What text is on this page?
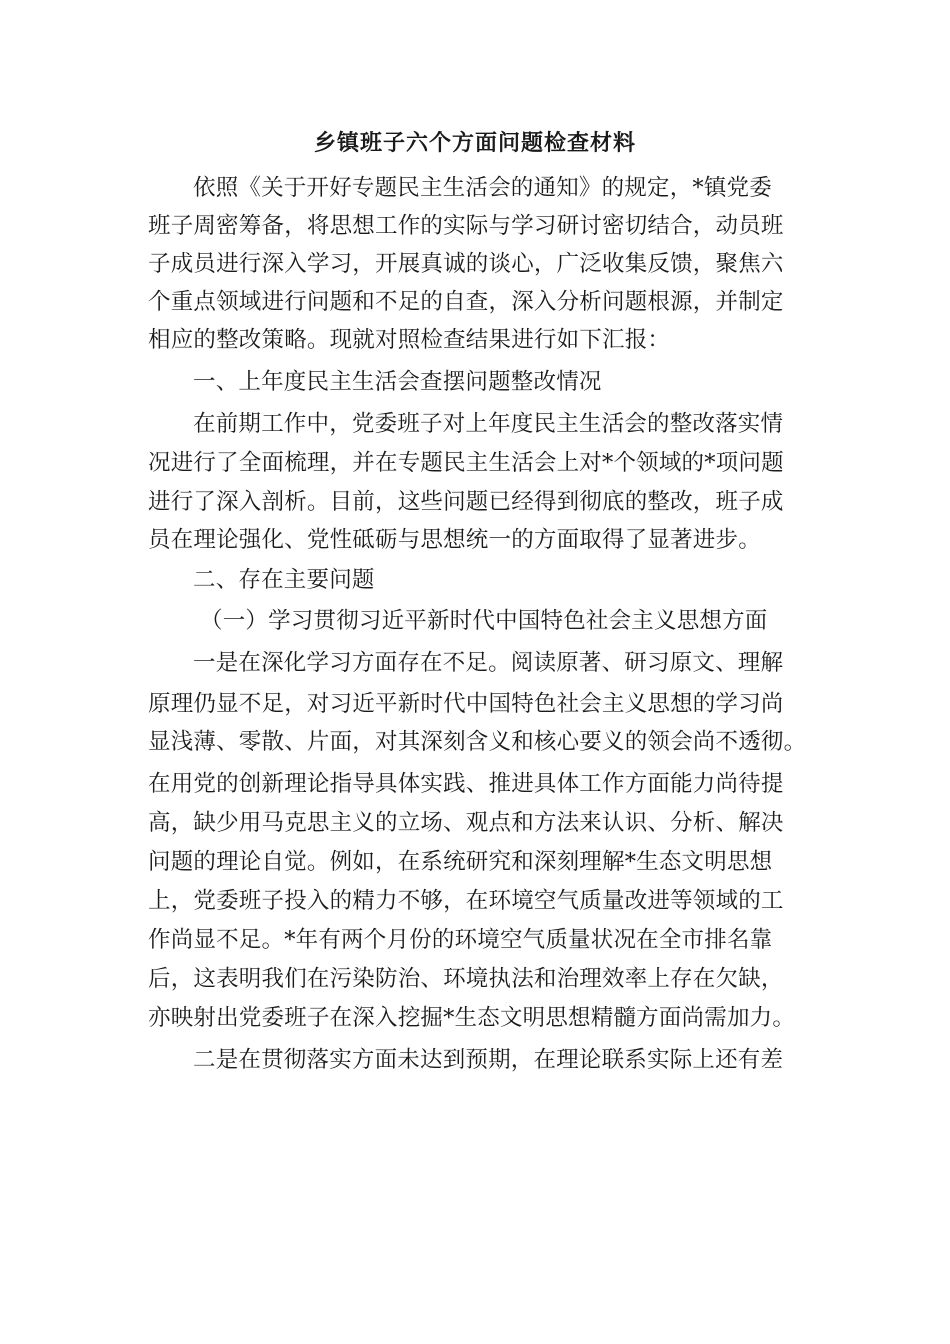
乡镇班子六个方面问题检查材料
依照《关于开好专题民主生活会的通知》的规定，*镇党委
班子周密筹备，将思想工作的实际与学习研讨密切结合，动员班
子成员进行深入学习，开展真诚的谈心，广泛收集反馈，聚焦六
个重点领域进行问题和不足的自查，深入分析问题根源，并制定
相应的整改策略。现就对照检查结果进行如下汇报：
一、上年度民主生活会查摆问题整改情况
在前期工作中，党委班子对上年度民主生活会的整改落实情
况进行了全面梳理，并在专题民主生活会上对*个领域的*项问题
进行了深入剖析。目前，这些问题已经得到彻底的整改，班子成
员在理论强化、党性砥砺与思想统一的方面取得了显著进步。
二、存在主要问题
（一）学习贯彻习近平新时代中国特色社会主义思想方面
一是在深化学习方面存在不足。阅读原著、研习原文、理解
原理仍显不足，对习近平新时代中国特色社会主义思想的学习尚
显浅薄、零散、片面，对其深刻含义和核心要义的领会尚不透彻。
在用党的创新理论指导具体实践、推进具体工作方面能力尚待提
高，缺少用马克思主义的立场、观点和方法来认识、分析、解决
问题的理论自觉。例如，在系统研究和深刻理解*生态文明思想
上，党委班子投入的精力不够，在环境空气质量改进等领域的工
作尚显不足。*年有两个月份的环境空气质量状况在全市排名靠
后，这表明我们在污染防治、环境执法和治理效率上存在欠缺，
亦映射出党委班子在深入挖掘*生态文明思想精髓方面尚需加力。
二是在贯彻落实方面未达到预期，在理论联系实际上还有差
